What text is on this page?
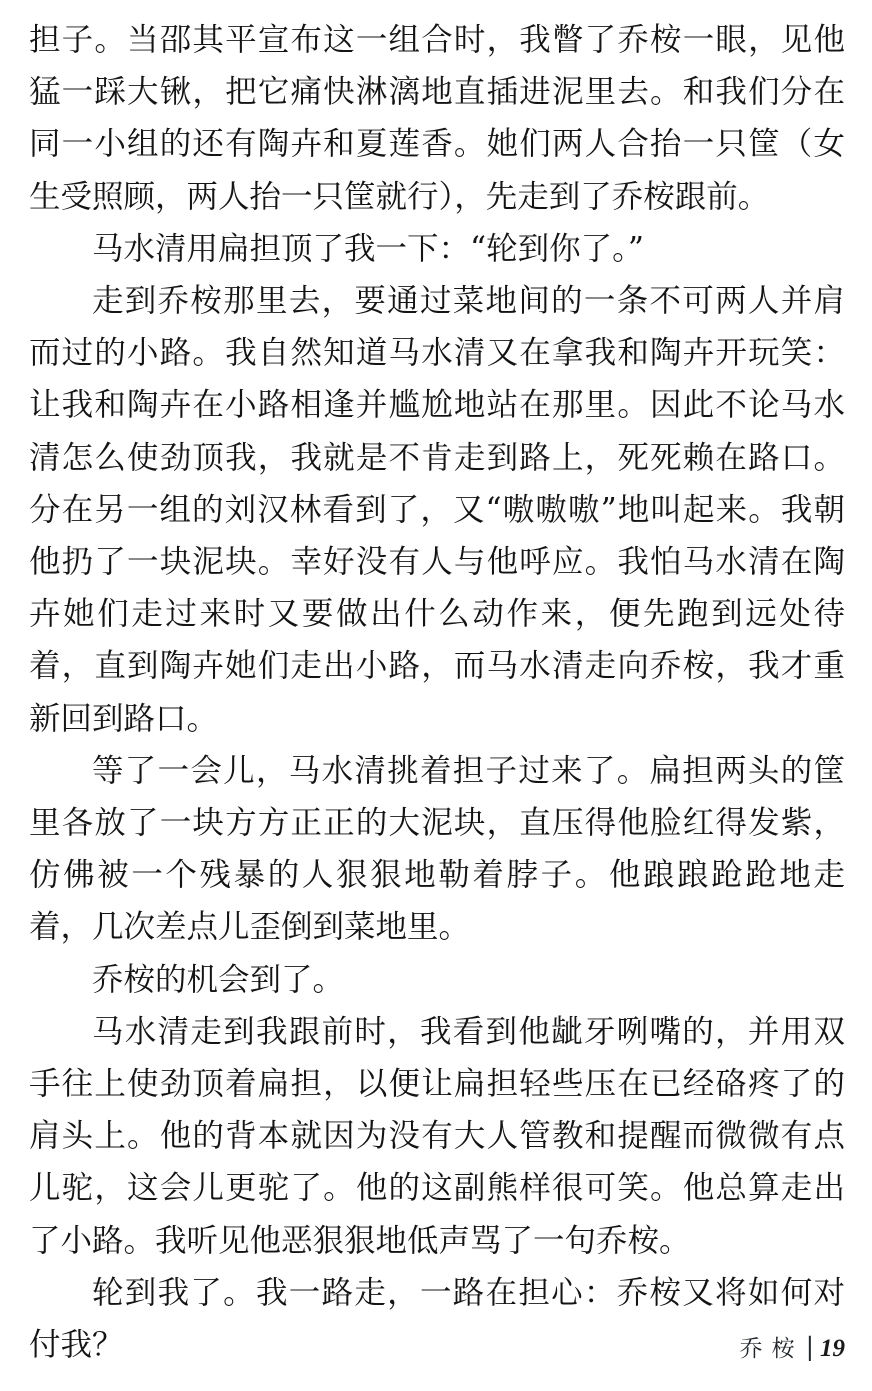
担子。当邵其平宣布这一组合时，我瞥了乔桉一眼，见他猛一踩大锹，把它痛快淋漓地直插进泥里去。和我们分在同一小组的还有陶卉和夏莲香。她们两人合抬一只筐（女生受照顾，两人抬一只筐就行），先走到了乔桉跟前。

马水清用扁担顶了我一下：“轮到你了。”

走到乔桉那里去，要通过菜地间的一条不可两人并肩而过的小路。我自然知道马水清又在拿我和陶卉开玩笑：让我和陶卉在小路相逢并尴尬地站在那里。因此不论马水清怎么使劲顶我，我就是不肯走到路上，死死赖在路口。分在另一组的刘汉林看到了，又“嗷嗷嗷”地叫起来。我朝他扔了一块泥块。幸好没有人与他呼应。我怕马水清在陶卉她们走过来时又要做出什么动作来，便先跑到远处待着，直到陶卉她们走出小路，而马水清走向乔桉，我才重新回到路口。

等了一会儿，马水清挑着担子过来了。扁担两头的筐里各放了一块方方正正的大泥块，直压得他脸红得发紫，仿佛被一个残暴的人狠狠地勒着脖子。他踉踉跄跄地走着，几次差点儿歪倒到菜地里。

乔桉的机会到了。

马水清走到我跟前时，我看到他龇牙咧嘴的，并用双手往上使劲顶着扁担，以便让扁担轻些压在已经硌疼了的肩头上。他的背本就因为没有大人管教和提醒而微微有点儿驼，这会儿更驼了。他的这副熊样很可笑。他总算走出了小路。我听见他恶狠狠地低声骂了一句乔桉。

轮到我了。我一路走，一路在担心：乔桉又将如何对付我？	乔桉| 19
